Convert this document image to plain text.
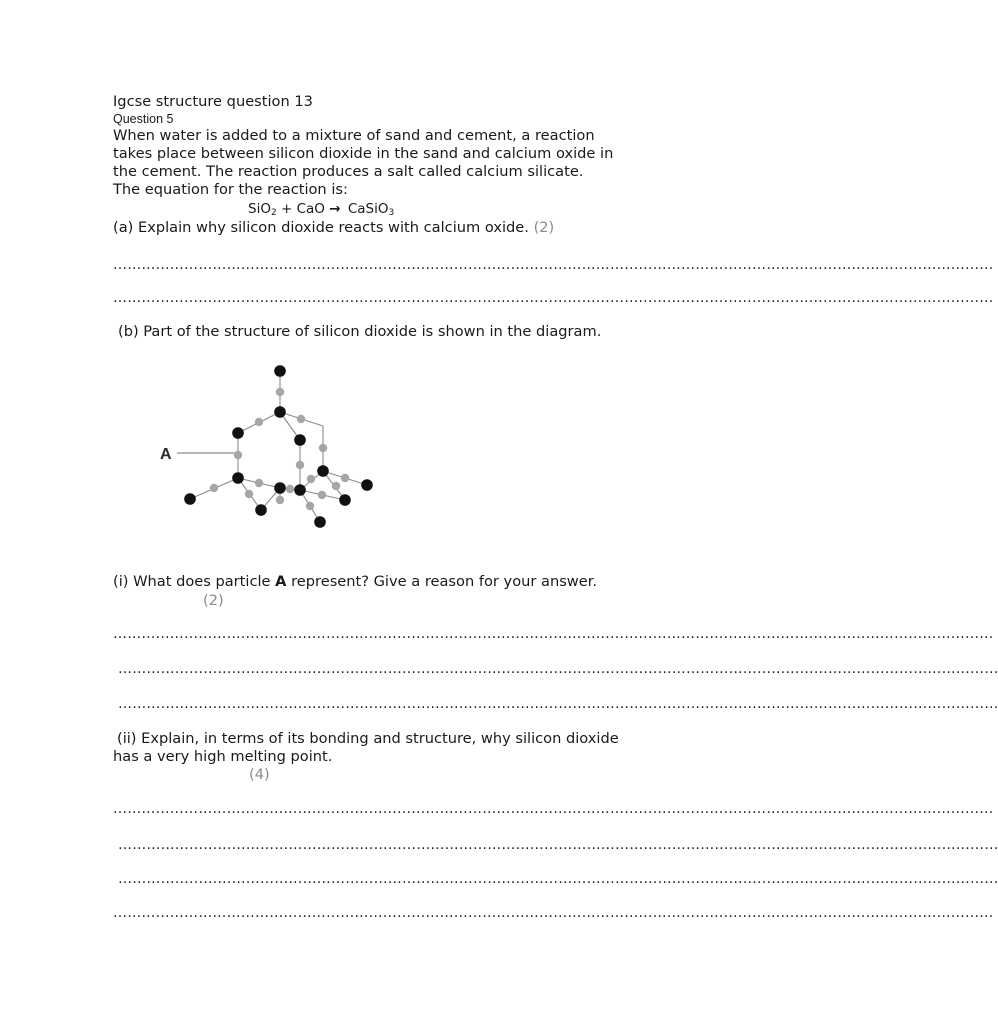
Igcse structure question 13
Question 5
When water is added to a mixture of sand and cement, a reaction
takes place between silicon dioxide in the sand and calcium oxide in
the cement. The reaction produces a salt called calcium silicate.
The equation for the reaction is:
SiO$_2$ + CaO → CaSiO$_3$
(a) Explain why silicon dioxide reacts with calcium oxide. (2)
……………………………………………………………………………………………………………………………………………………………………
……………………………………………………………………………………………………………………………………………………………………
(b) Part of the structure of silicon dioxide is shown in the diagram.
A
(i) What does particle A represent? Give a reason for your answer.
(2)
……………………………………………………………………………………………………………………………………………………………………
……………………………………………………………………………………………………………………………………………………………………
……………………………………………………………………………………………………………………………………………………………………
(ii) Explain, in terms of its bonding and structure, why silicon dioxide
has a very high melting point.
(4)
……………………………………………………………………………………………………………………………………………………………………
……………………………………………………………………………………………………………………………………………………………………
……………………………………………………………………………………………………………………………………………………………………
……………………………………………………………………………………………………………………………………………………………………
